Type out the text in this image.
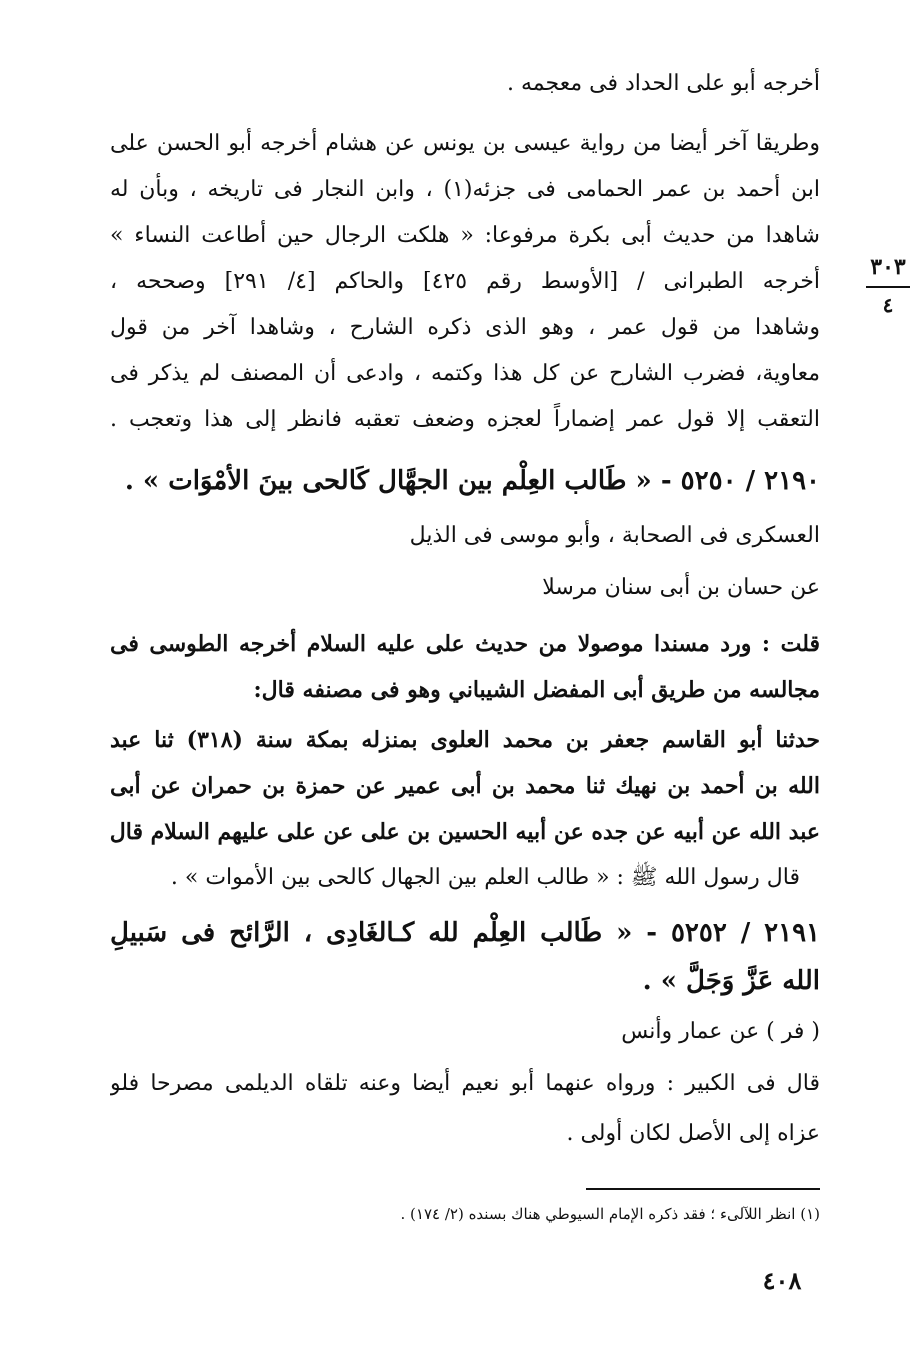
٣٠٣
٤
أخرجه أبو على الحداد فى معجمه .
وطريقا آخر أيضا من رواية عيسى بن يونس عن هشام أخرجه أبو الحسن على
ابن أحمد بن عمر الحمامى فى جزئه(١) ، وابن النجار فى تاريخه ، وبأن له
شاهدا من حديث أبى بكرة مرفوعا: « هلكت الرجال حين أطاعت النساء »
أخرجه الطبرانى / [الأوسط رقم ٤٢٥] والحاكم [٤/ ٢٩١] وصححه ،
وشاهدا من قول عمر ، وهو الذى ذكره الشارح ، وشاهدا آخر من قول
معاوية، فضرب الشارح عن كل هذا وكتمه ، وادعى أن المصنف لم يذكر فى
التعقب إلا قول عمر إضماراً لعجزه وضعف تعقبه فانظر إلى هذا وتعجب .
٢١٩٠ / ٥٢٥٠ - « طَالب العِلْم بين الجهَّال كَالحى بينَ الأمْوَات » .
العسكرى فى الصحابة ، وأبو موسى فى الذيل
عن حسان بن أبى سنان مرسلا
قلت : ورد مسندا موصولا من حديث على عليه السلام أخرجه الطوسى فى
مجالسه من طريق أبى المفضل الشيباني وهو فى مصنفه قال:
حدثنا أبو القاسم جعفر بن محمد العلوى بمنزله بمكة سنة (٣١٨) ثنا عبد
الله بن أحمد بن نهيك ثنا محمد بن أبى عمير عن حمزة بن حمران عن أبى
عبد الله عن أبيه عن جده عن أبيه الحسين بن على عن على عليهم السلام قال
قال رسول الله ﷺ : « طالب العلم بين الجهال كالحى بين الأموات » .
٢١٩١ / ٥٢٥٢ - « طَالب العِلْم لله كـالغَادِى ، الرَّائح فى سَبيلِ
الله عَزَّ وَجَلَّ » .
( فر ) عن عمار وأنس
قال فى الكبير : ورواه عنهما أبو نعيم أيضا وعنه تلقاه الديلمى مصرحا فلو
عزاه إلى الأصل لكان أولى .
(١) انظر اللآلىء ؛ فقد ذكره الإمام السيوطي هناك بسنده (٢/ ١٧٤) .
٤٠٨
